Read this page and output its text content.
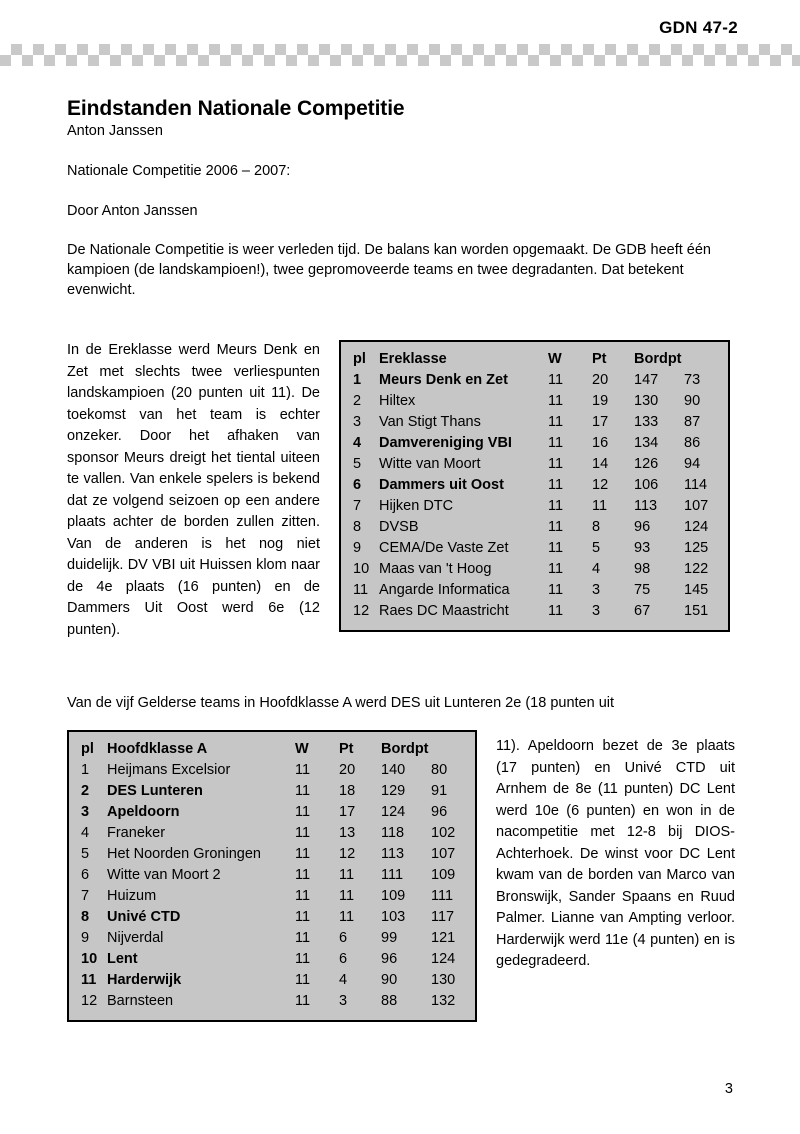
GDN 47-2
Eindstanden Nationale Competitie
Anton Janssen
Nationale Competitie 2006 – 2007:
Door Anton Janssen
De Nationale Competitie is weer verleden tijd. De balans kan worden opgemaakt. De GDB heeft één kampioen (de landskampioen!), twee gepromoveerde teams en twee degradanten. Dat betekent evenwicht.
In de Ereklasse werd Meurs Denk en Zet met slechts twee verliespunten landskampioen (20 punten uit 11). De toekomst van het team is echter onzeker. Door het afhaken van sponsor Meurs dreigt het tiental uiteen te vallen. Van enkele spelers is bekend dat ze volgend seizoen op een andere plaats achter de borden zullen zitten. Van de anderen is het nog niet duidelijk. DV VBI uit Huissen klom naar de 4e plaats (16 punten) en de Dammers Uit Oost werd 6e (12 punten).
pl	Ereklasse	W	Pt	Bordpt	
1	Meurs Denk en Zet	11	20	147	73
2	Hiltex	11	19	130	90
3	Van Stigt Thans	11	17	133	87
4	Damvereniging VBI	11	16	134	86
5	Witte van Moort	11	14	126	94
6	Dammers uit Oost	11	12	106	114
7	Hijken DTC	11	11	113	107
8	DVSB	11	8	96	124
9	CEMA/De Vaste Zet	11	5	93	125
10	Maas van 't Hoog	11	4	98	122
11	Angarde Informatica	11	3	75	145
12	Raes DC Maastricht	11	3	67	151
Van de vijf Gelderse teams in Hoofdklasse A werd DES uit Lunteren 2e (18 punten uit
pl	Hoofdklasse A	W	Pt	Bordpt	
1	Heijmans Excelsior	11	20	140	80
2	DES Lunteren	11	18	129	91
3	Apeldoorn	11	17	124	96
4	Franeker	11	13	118	102
5	Het Noorden Groningen	11	12	113	107
6	Witte van Moort 2	11	11	111	109
7	Huizum	11	11	109	111
8	Univé CTD	11	11	103	117
9	Nijverdal	11	6	99	121
10	Lent	11	6	96	124
11	Harderwijk	11	4	90	130
12	Barnsteen	11	3	88	132
11). Apeldoorn bezet de 3e plaats (17 punten) en Univé CTD uit Arnhem de 8e (11 punten) DC Lent werd 10e (6 punten) en won in de nacompetitie met 12-8 bij DIOS-Achterhoek. De winst voor DC Lent kwam van de borden van Marco van Bronswijk, Sander Spaans en Ruud Palmer. Lianne van Ampting verloor. Harderwijk werd 11e (4 punten) en is gedegradeerd.
3
